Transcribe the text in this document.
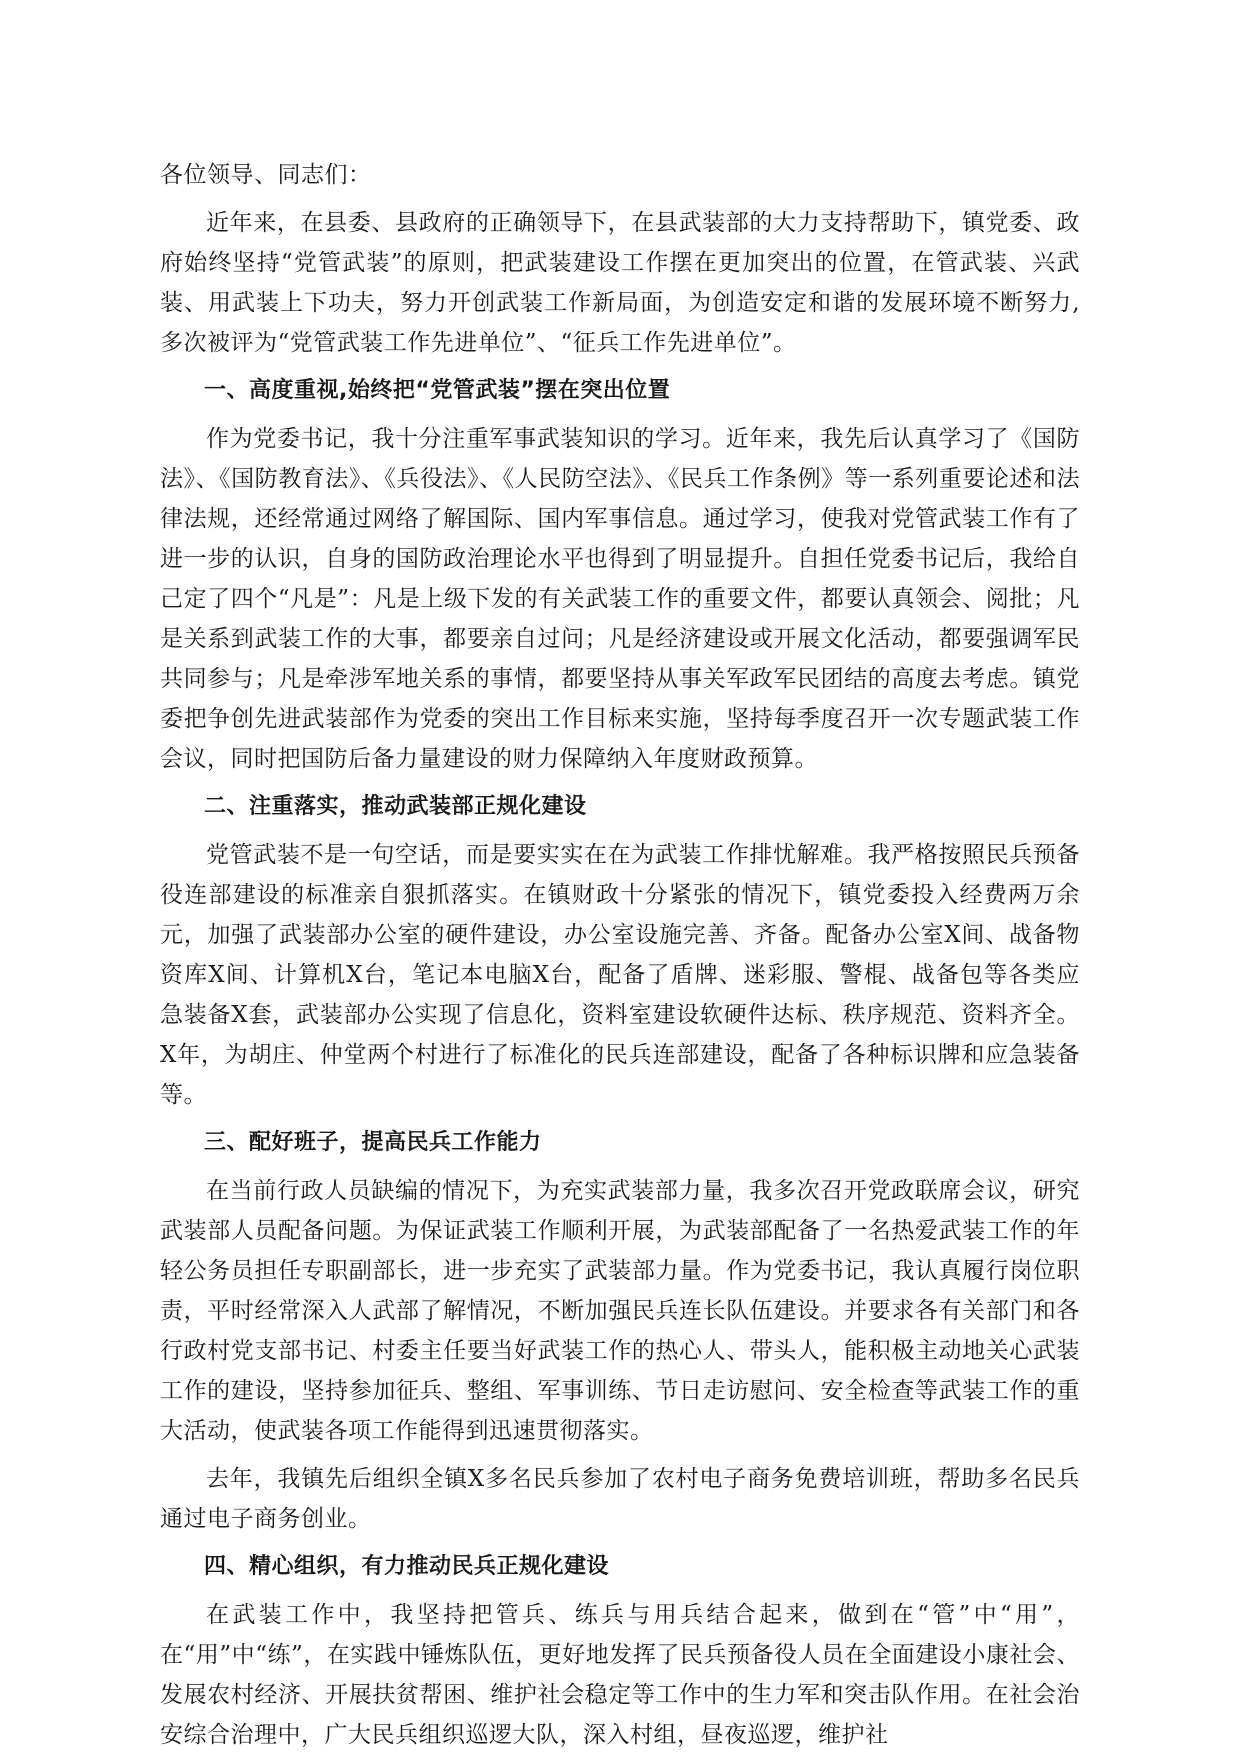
各位领导、同志们：

近年来，在县委、县政府的正确领导下，在县武装部的大力支持帮助下，镇党委、政府始终坚持“党管武装”的原则，把武装建设工作摆在更加突出的位置，在管武装、兴武装、用武装上下功夫，努力开创武装工作新局面，为创造安定和谐的发展环境不断努力,多次被评为“党管武装工作先进单位”、“征兵工作先进单位”。

一、高度重视,始终把“党管武装”摆在突出位置

作为党委书记，我十分注重军事武装知识的学习。近年来，我先后认真学习了《国防法》、《国防教育法》、《兵役法》、《人民防空法》、《民兵工作条例》等一系列重要论述和法律法规，还经常通过网络了解国际、国内军事信息。通过学习，使我对党管武装工作有了进一步的认识，自身的国防政治理论水平也得到了明显提升。自担任党委书记后，我给自己定了四个“凡是”：凡是上级下发的有关武装工作的重要文件，都要认真领会、阅批；凡是关系到武装工作的大事，都要亲自过问；凡是经济建设或开展文化活动，都要强调军民共同参与；凡是牵涉军地关系的事情，都要坚持从事关军政军民团结的高度去考虑。镇党委把争创先进武装部作为党委的突出工作目标来实施，坚持每季度召开一次专题武装工作会议，同时把国防后备力量建设的财力保障纳入年度财政预算。

二、注重落实，推动武装部正规化建设

党管武装不是一句空话，而是要实实在在为武装工作排忧解难。我严格按照民兵预备役连部建设的标准亲自狠抓落实。在镇财政十分紧张的情况下，镇党委投入经费两万余元，加强了武装部办公室的硬件建设，办公室设施完善、齐备。配备办公室X间、战备物资库X间、计算机X台，笔记本电脑X台，配备了盾牌、迷彩服、警棍、战备包等各类应急装备X套，武装部办公实现了信息化，资料室建设软硬件达标、秩序规范、资料齐全。X年，为胡庄、仲堂两个村进行了标准化的民兵连部建设，配备了各种标识牌和应急装备等。

三、配好班子，提高民兵工作能力

在当前行政人员缺编的情况下，为充实武装部力量，我多次召开党政联席会议，研究武装部人员配备问题。为保证武装工作顺利开展，为武装部配备了一名热爱武装工作的年轻公务员担任专职副部长，进一步充实了武装部力量。作为党委书记，我认真履行岗位职责，平时经常深入人武部了解情况，不断加强民兵连长队伍建设。并要求各有关部门和各行政村党支部书记、村委主任要当好武装工作的热心人、带头人，能积极主动地关心武装工作的建设，坚持参加征兵、整组、军事训练、节日走访慰问、安全检查等武装工作的重大活动，使武装各项工作能得到迅速贯彻落实。

去年，我镇先后组织全镇X多名民兵参加了农村电子商务免费培训班，帮助多名民兵通过电子商务创业。

四、精心组织，有力推动民兵正规化建设

在武装工作中，我坚持把管兵、练兵与用兵结合起来，做到在“管”中“用”，在“用”中“练”，在实践中锤炼队伍，更好地发挥了民兵预备役人员在全面建设小康社会、发展农村经济、开展扶贫帮困、维护社会稳定等工作中的生力军和突击队作用。在社会治安综合治理中，广大民兵组织巡逻大队，深入村组，昼夜巡逻，维护社
